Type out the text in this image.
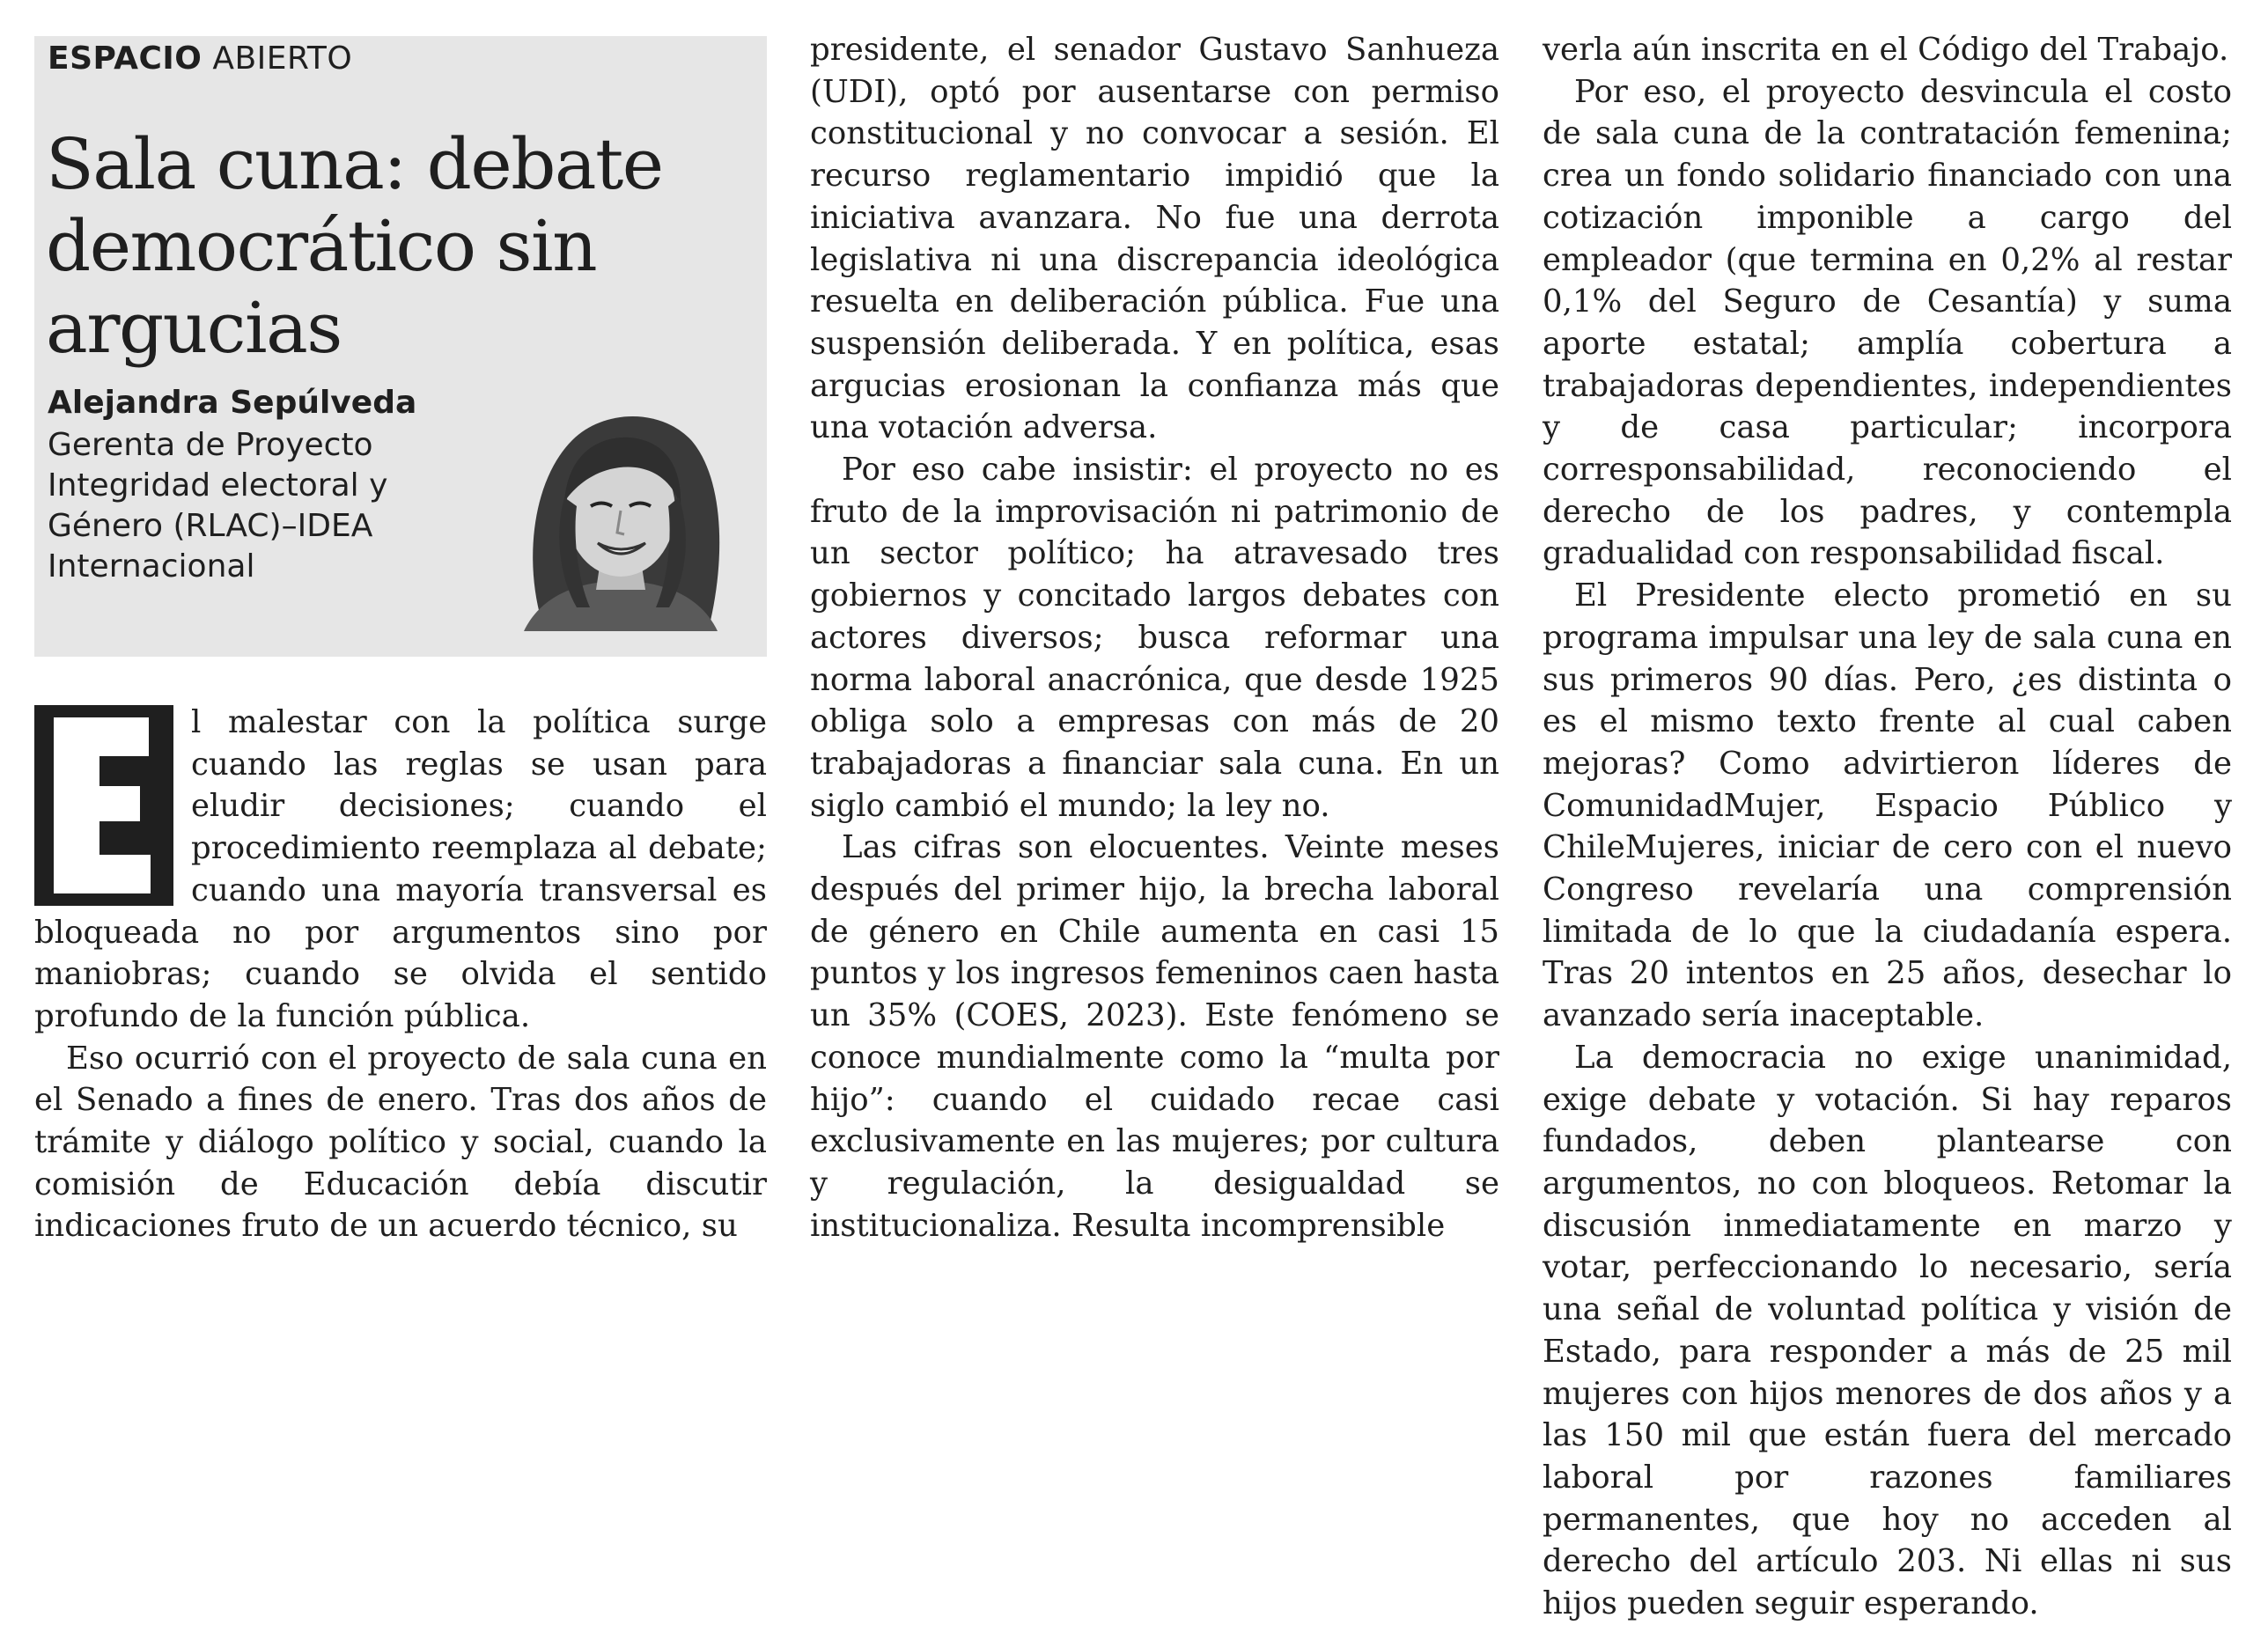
ESPACIO ABIERTO
Sala cuna: debate
democrático sin
argucias
Alejandra Sepúlveda
Gerenta de Proyecto
Integridad electoral y
Género (RLAC)–IDEA
Internacional

l malestar con la política surge cuando las reglas se usan para eludir decisiones; cuando el procedimiento reemplaza al debate; cuando una mayoría transversal es bloqueada no por argumentos sino por maniobras; cuando se olvida el sentido profundo de la función pública.

Eso ocurrió con el proyecto de sala cuna en el Senado a fines de enero. Tras dos años de trámite y diálogo político y social, cuando la comisión de Educación debía discutir indicaciones fruto de un acuerdo técnico, su

presidente, el senador Gustavo Sanhueza (UDI), optó por ausentarse con permiso constitucional y no convocar a sesión. El recurso reglamentario impidió que la iniciativa avanzara. No fue una derrota legislativa ni una discrepancia ideológica resuelta en deliberación pública. Fue una suspensión deliberada. Y en política, esas argucias erosionan la confianza más que una votación adversa.

Por eso cabe insistir: el proyecto no es fruto de la improvisación ni patrimonio de un sector político; ha atravesado tres gobiernos y concitado largos debates con actores diversos; busca reformar una norma laboral anacrónica, que desde 1925 obliga solo a empresas con más de 20 trabajadoras a financiar sala cuna. En un siglo cambió el mundo; la ley no.

Las cifras son elocuentes. Veinte meses después del primer hijo, la brecha laboral de género en Chile aumenta en casi 15 puntos y los ingresos femeninos caen hasta un 35% (COES, 2023). Este fenómeno se conoce mundialmente como la “multa por hijo”: cuando el cuidado recae casi exclusivamente en las mujeres; por cultura y regulación, la desigualdad se institucionaliza. Resulta incomprensible

verla aún inscrita en el Código del Trabajo.

Por eso, el proyecto desvincula el costo de sala cuna de la contratación femenina; crea un fondo solidario financiado con una cotización imponible a cargo del empleador (que termina en 0,2% al restar 0,1% del Seguro de Cesantía) y suma aporte estatal; amplía cobertura a trabajadoras dependientes, independientes y de casa particular; incorpora corresponsabilidad, reconociendo el derecho de los padres, y contempla gradualidad con responsabilidad fiscal.

El Presidente electo prometió en su programa impulsar una ley de sala cuna en sus primeros 90 días. Pero, ¿es distinta o es el mismo texto frente al cual caben mejoras? Como advirtieron líderes de ComunidadMujer, Espacio Público y ChileMujeres, iniciar de cero con el nuevo Congreso revelaría una comprensión limitada de lo que la ciudadanía espera. Tras 20 intentos en 25 años, desechar lo avanzado sería inaceptable.

La democracia no exige unanimidad, exige debate y votación. Si hay reparos fundados, deben plantearse con argumentos, no con bloqueos. Retomar la discusión inmediatamente en marzo y votar, perfeccionando lo necesario, sería una señal de voluntad política y visión de Estado, para responder a más de 25 mil mujeres con hijos menores de dos años y a las 150 mil que están fuera del mercado laboral por razones familiares permanentes, que hoy no acceden al derecho del artículo 203. Ni ellas ni sus hijos pueden seguir esperando.
